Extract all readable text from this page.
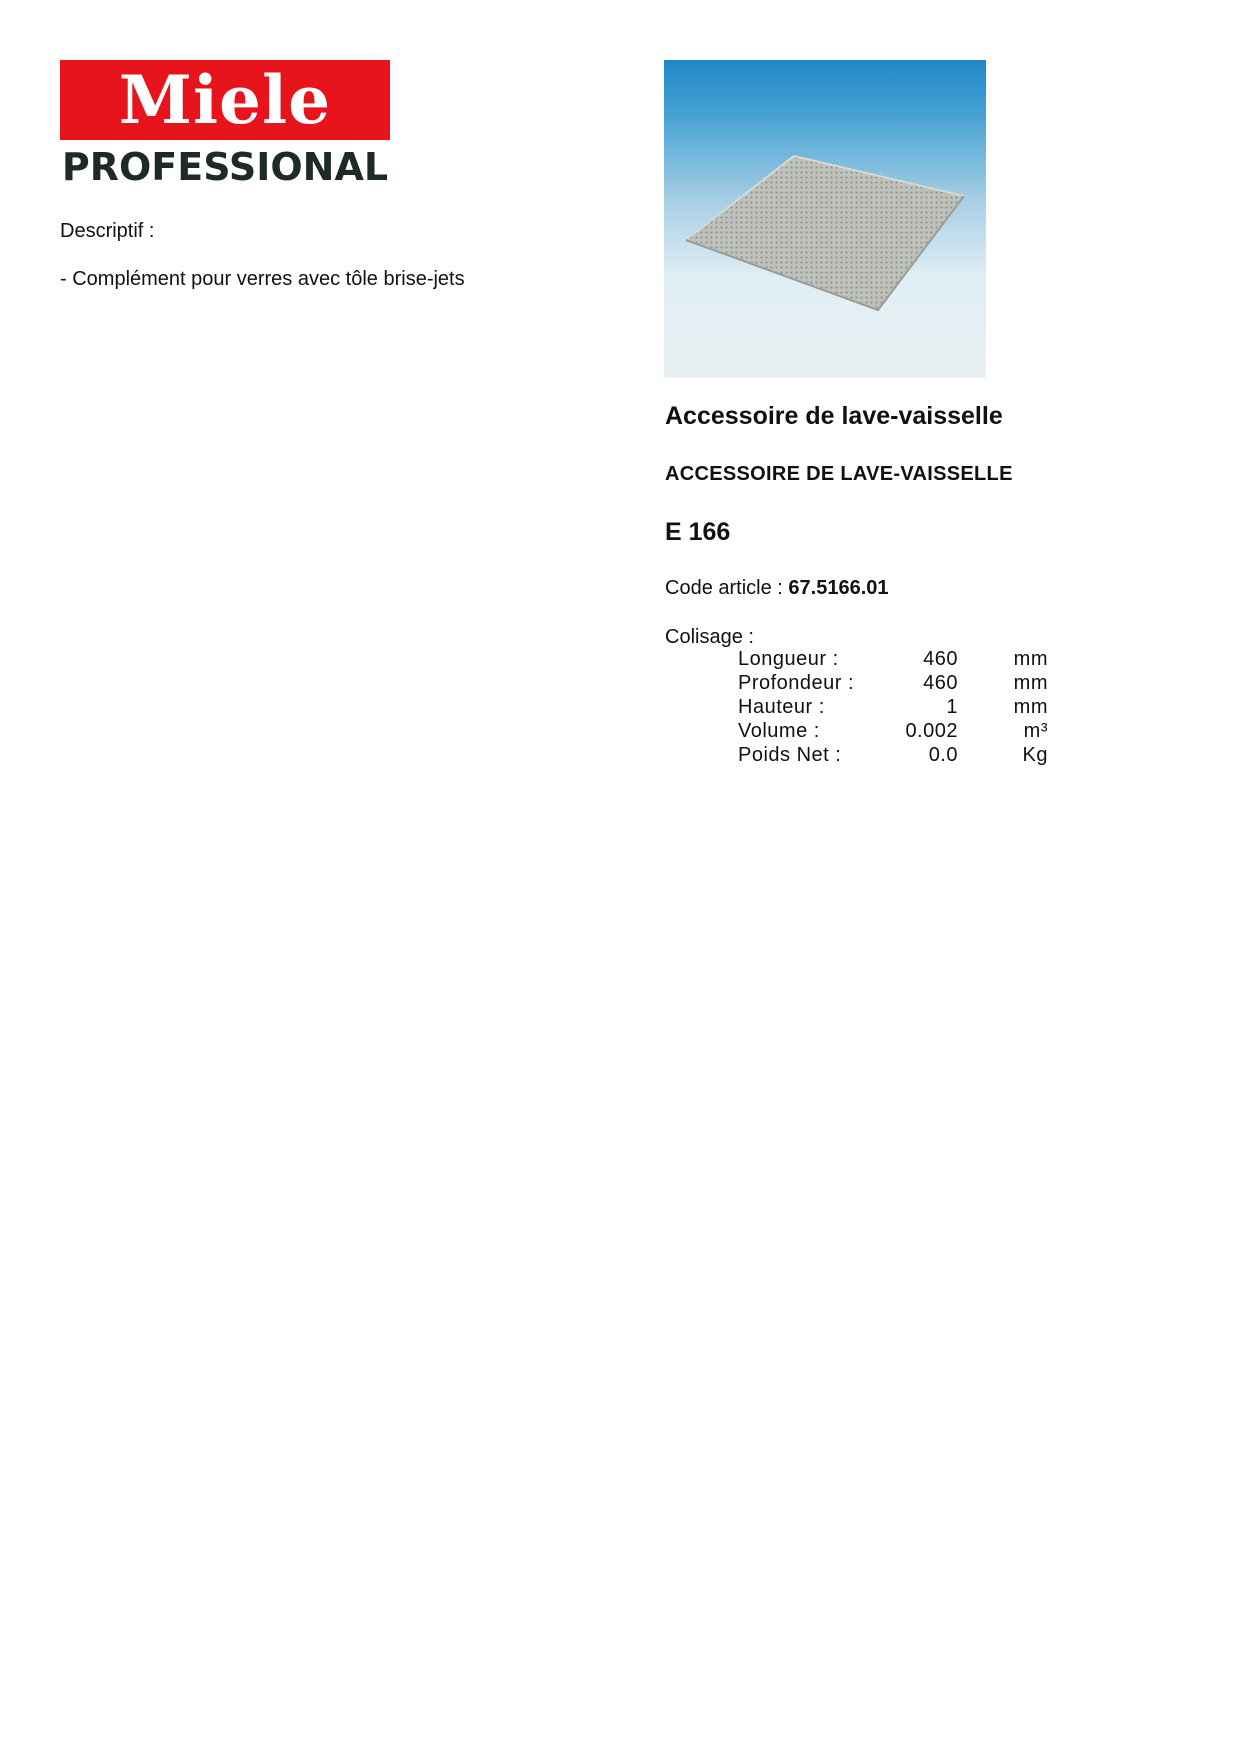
Miele
PROFESSIONAL
Descriptif :
- Complément pour verres avec tôle brise-jets
Accessoire de lave-vaisselle
ACCESSOIRE DE LAVE-VAISSELLE
E 166
Code article : 67.5166.01
Colisage :
Longueur :	460	mm
Profondeur :	460	mm
Hauteur :	1	mm
Volume :	0.002	m³
Poids Net :	0.0	Kg
